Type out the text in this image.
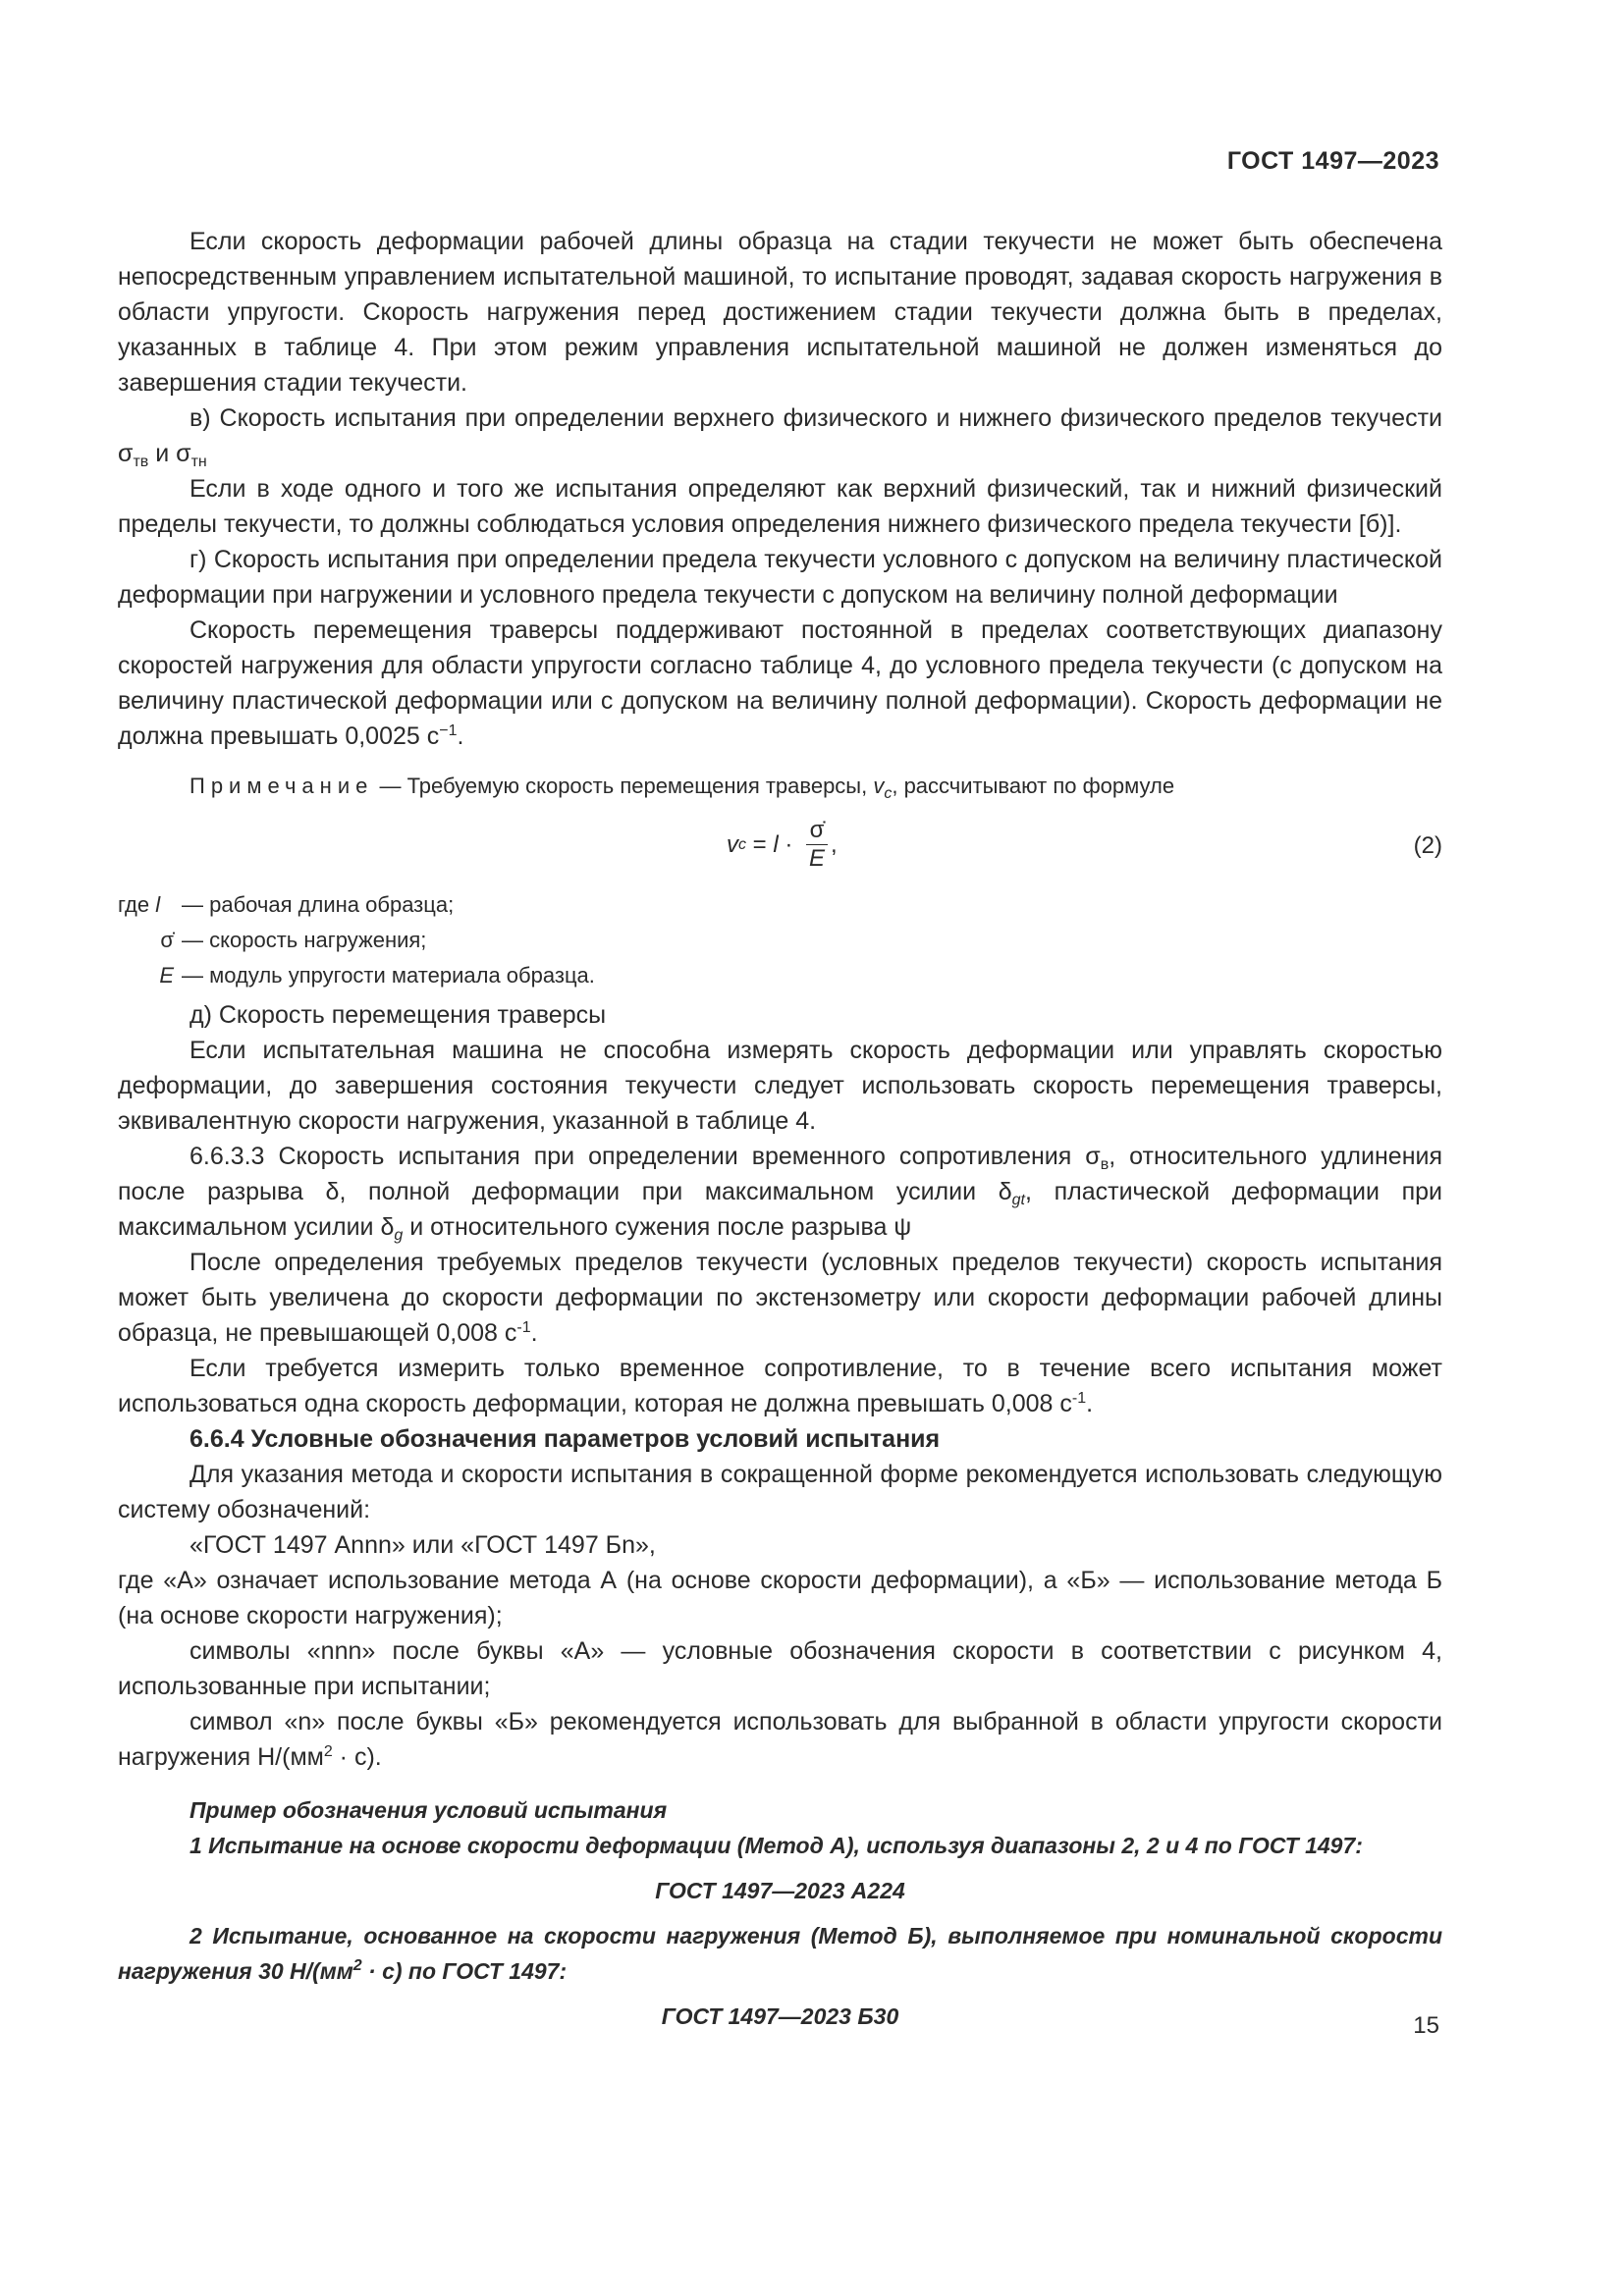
ГОСТ 1497—2023

Если скорость деформации рабочей длины образца на стадии текучести не может быть обеспечена непосредственным управлением испытательной машиной, то испытание проводят, задавая скорость нагружения в области упругости. Скорость нагружения перед достижением стадии текучести должна быть в пределах, указанных в таблице 4. При этом режим управления испытательной машиной не должен изменяться до завершения стадии текучести.

в) Скорость испытания при определении верхнего физического и нижнего физического пределов текучести $\sigma_{тв}$ и $\sigma_{тн}$

Если в ходе одного и того же испытания определяют как верхний физический, так и нижний физический пределы текучести, то должны соблюдаться условия определения нижнего физического предела текучести [б)].

г) Скорость испытания при определении предела текучести условного с допуском на величину пластической деформации при нагружении и условного предела текучести с допуском на величину полной деформации

Скорость перемещения траверсы поддерживают постоянной в пределах соответствующих диапазону скоростей нагружения для области упругости согласно таблице 4, до условного предела текучести (с допуском на величину пластической деформации или с допуском на величину полной деформации). Скорость деформации не должна превышать 0,0025 $с^{-1}$.

Примечание — Требуемую скорость перемещения траверсы, $v_c$, рассчитывают по формуле

v $c = l \cdot \frac{\sigmȧ}{E}$ ,	(2)
где l — рабочая длина образца;
σ̇ — скорость нагружения;
E — модуль упругости материала образца.

д) Скорость перемещения траверсы

Если испытательная машина не способна измерять скорость деформации или управлять скоростью деформации, до завершения состояния текучести следует использовать скорость перемещения траверсы, эквивалентную скорости нагружения, указанной в таблице 4.

6.6.3.3 Скорость испытания при определении временного сопротивления $\sigma_в$, относительного удлинения после разрыва δ, полной деформации при максимальном усилии $\delta_{gt}$, пластической деформации при максимальном усилии $\delta_g$ и относительного сужения после разрыва ψ

После определения требуемых пределов текучести (условных пределов текучести) скорость испытания может быть увеличена до скорости деформации по экстензометру или скорости деформации рабочей длины образца, не превышающей 0,008 $с^{-1}$.

Если требуется измерить только временное сопротивление, то в течение всего испытания может использоваться одна скорость деформации, которая не должна превышать 0,008 $с^{-1}$.

6.6.4 Условные обозначения параметров условий испытания

Для указания метода и скорости испытания в сокращенной форме рекомендуется использовать следующую систему обозначений:

«ГОСТ 1497 Annn» или «ГОСТ 1497 Бn»,

где «А» означает использование метода А (на основе скорости деформации), а «Б» — использование метода Б (на основе скорости нагружения);

символы «nnn» после буквы «А» — условные обозначения скорости в соответствии с рисунком 4, использованные при испытании;

символ «n» после буквы «Б» рекомендуется использовать для выбранной в области упругости скорости нагружения $Н/(мм^2 \cdot с)$.

Пример обозначения условий испытания

1 Испытание на основе скорости деформации (Метод А), используя диапазоны 2, 2 и 4 по ГОСТ 1497:

ГОСТ 1497—2023 А224

2 Испытание, основанное на скорости нагружения (Метод Б), выполняемое при номинальной скорости нагружения 30 $Н/(мм^2 \cdot с)$ по ГОСТ 1497:

ГОСТ 1497—2023 Б30	15
